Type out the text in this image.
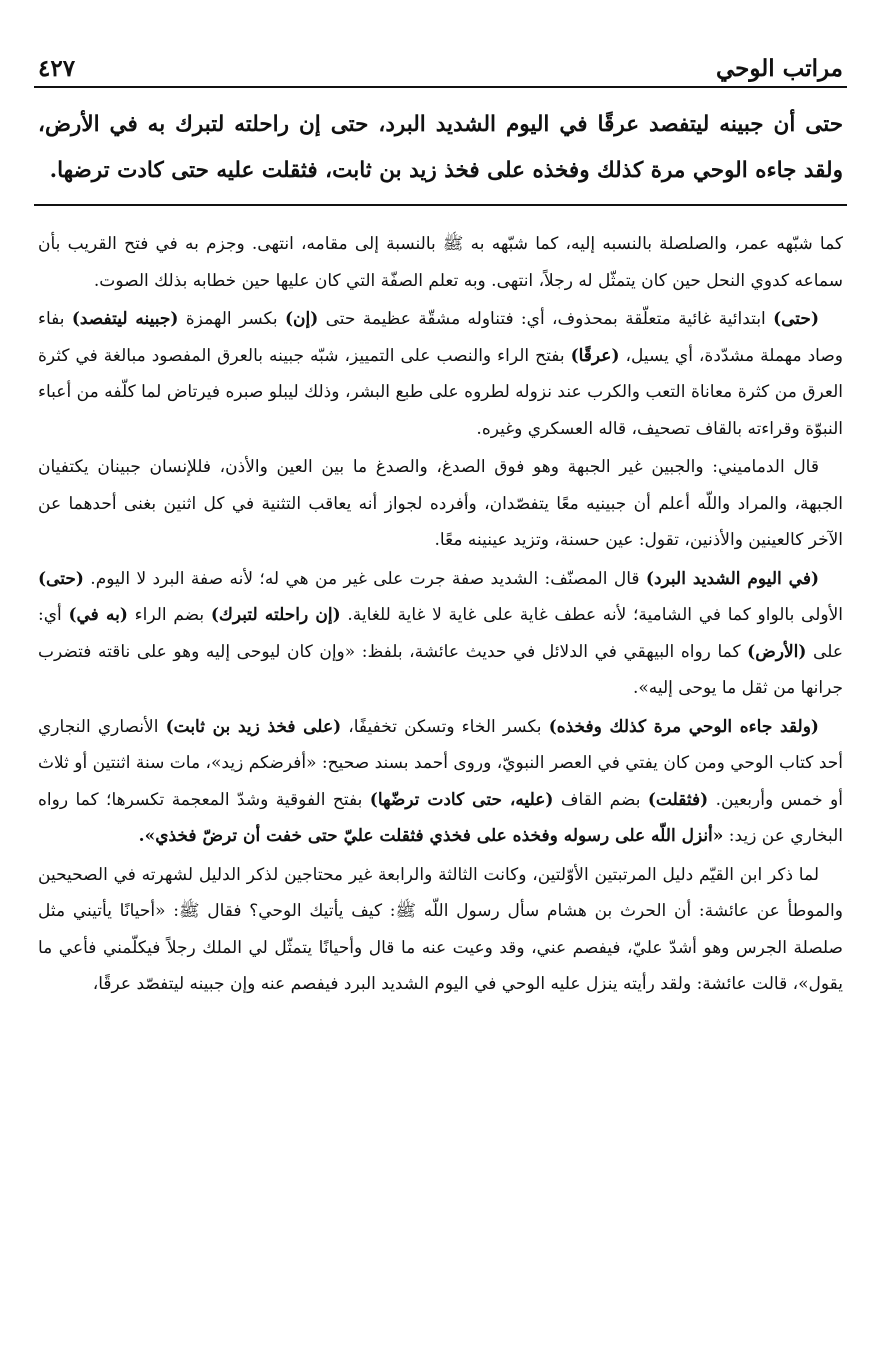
مراتب الوحي
٤٢٧
حتى أن جبينه ليتفصد عرقًا في اليوم الشديد البرد، حتى إن راحلته لتبرك به في الأرض، ولقد جاءه الوحي مرة كذلك وفخذه على فخذ زيد بن ثابت، فثقلت عليه حتى كادت ترضها.

كما شبّهه عمر، والصلصلة بالنسبه إليه، كما شبّهه به ﷺ بالنسبة إلى مقامه، انتهى. وجزم به في فتح القريب بأن سماعه كدوي النحل حين كان يتمثّل له رجلاً، انتهى. وبه تعلم الصفّة التي كان عليها حين خطابه بذلك الصوت.

(حتى) ابتدائية غائية متعلّقة بمحذوف، أي: فتناوله مشقّة عظيمة حتى (إن) بكسر الهمزة (جبينه ليتفصد) بفاء وصاد مهملة مشدّدة، أي يسيل، (عرقًا) بفتح الراء والنصب على التمييز، شبّه جبينه بالعرق المفصود مبالغة في كثرة العرق من كثرة معاناة التعب والكرب عند نزوله لطروه على طبع البشر، وذلك ليبلو صبره فيرتاض لما كلّفه من أعباء النبوّة وقراءته بالقاف تصحيف، قاله العسكري وغيره.

قال الدماميني: والجبين غير الجبهة وهو فوق الصدغ، والصدغ ما بين العين والأذن، فللإنسان جبينان يكتفيان الجبهة، والمراد واللّه أعلم أن جبينيه معًا يتفصّدان، وأفرده لجواز أنه يعاقب التثنية في كل اثنين بغنى أحدهما عن الآخر كالعينين والأذنين، تقول: عين حسنة، وتزيد عينينه معًا.

(في اليوم الشديد البرد) قال المصنّف: الشديد صفة جرت على غير من هي له؛ لأنه صفة البرد لا اليوم. (حتى) الأولى بالواو كما في الشامية؛ لأنه عطف غاية على غاية لا غاية للغاية. (إن راحلته لتبرك) بضم الراء (به في) أي: على (الأرض) كما رواه البيهقي في الدلائل في حديث عائشة، بلفظ: «وإن كان ليوحى إليه وهو على ناقته فتضرب جرانها من ثقل ما يوحى إليه».

(ولقد جاءه الوحي مرة كذلك وفخذه) بكسر الخاء وتسكن تخفيفًا، (على فخذ زيد بن ثابت) الأنصاري النجاري أحد كتاب الوحي ومن كان يفتي في العصر النبويّ، وروى أحمد بسند صحيح: «أفرضكم زيد»، مات سنة اثنتين أو ثلاث أو خمس وأربعين. (فثقلت) بضم القاف (عليه، حتى كادت ترضّها) بفتح الفوقية وشدّ المعجمة تكسرها؛ كما رواه البخاري عن زيد: «أنزل اللّه على رسوله وفخذه على فخذي فثقلت عليّ حتى خفت أن ترضّ فخذي».

لما ذكر ابن القيّم دليل المرتبتين الأوّلتين، وكانت الثالثة والرابعة غير محتاجين لذكر الدليل لشهرته في الصحيحين والموطأ عن عائشة: أن الحرث بن هشام سأل رسول اللّه ﷺ: كيف يأتيك الوحي؟ فقال ﷺ: «أحيانًا يأتيني مثل صلصلة الجرس وهو أشدّ عليّ، فيفصم عني، وقد وعيت عنه ما قال وأحيانًا يتمثّل لي الملك رجلاً فيكلّمني فأعي ما يقول»، قالت عائشة: ولقد رأيته ينزل عليه الوحي في اليوم الشديد البرد فيفصم عنه وإن جبينه ليتفصّد عرقًا،
